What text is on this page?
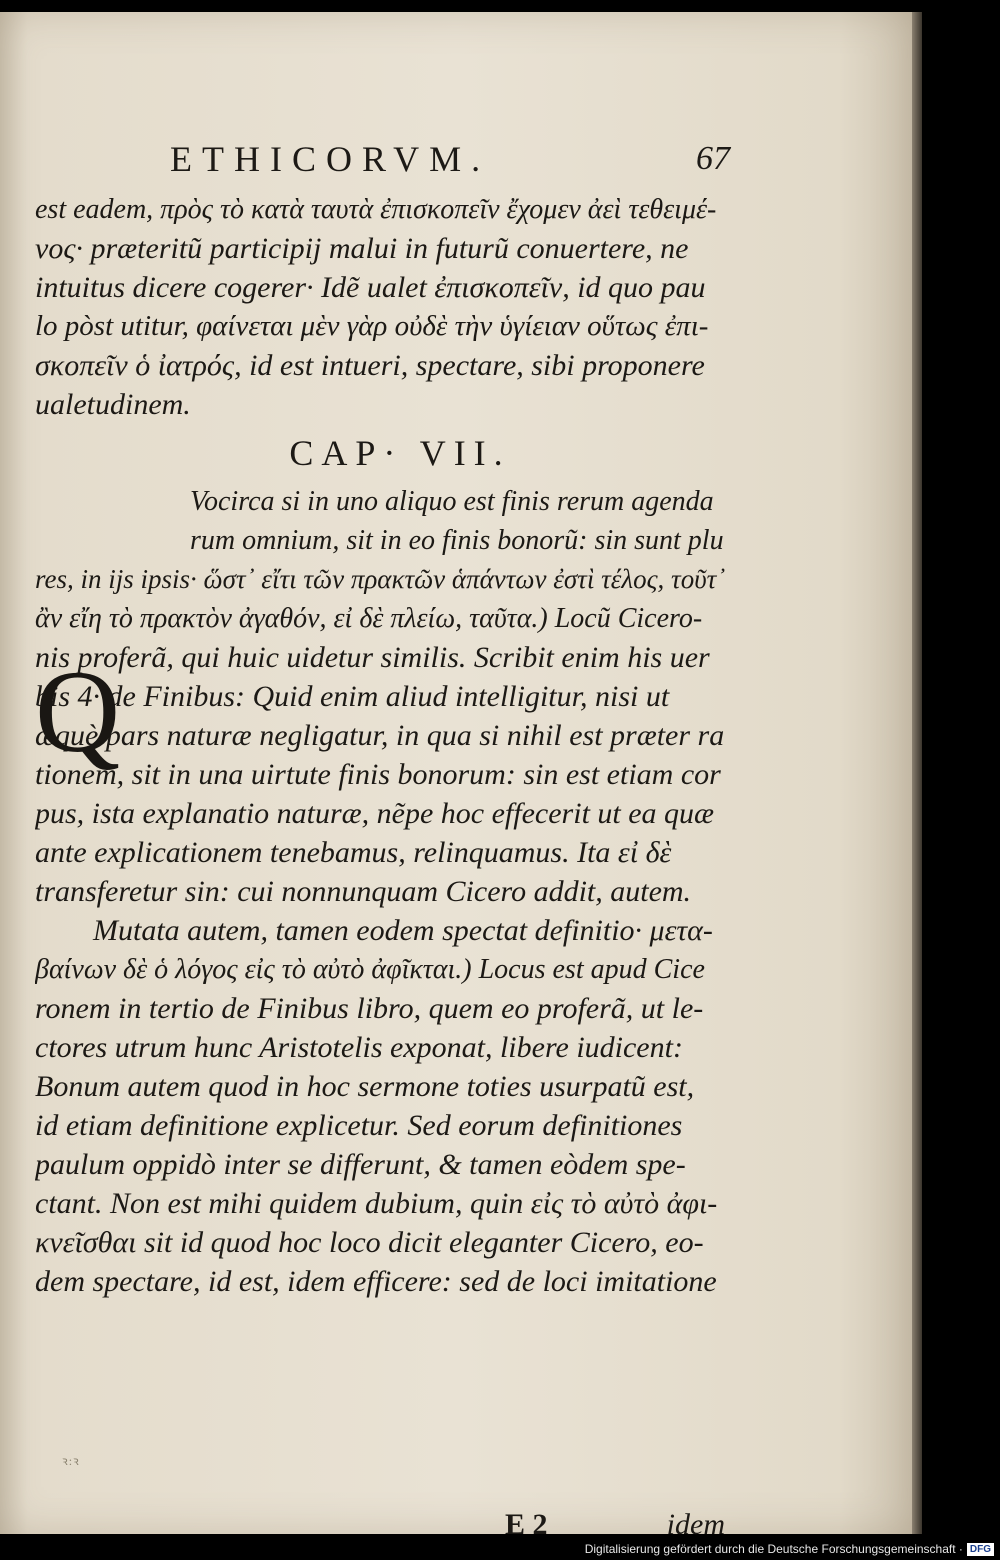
ETHICORVM.	67
est eadem, πρὸς τὸ κατὰ ταυτὰ ἐπισκοπεῖν ἔχομεν ἀεὶ τεθειμέ-
νος· præteritũ participij malui in futurũ conuertere, ne
intuitus dicere cogerer· Idẽ ualet ἐπισκοπεῖν, id quo pau
lo pòst utitur, φαίνεται μὲν γὰρ οὐδὲ τὴν ὑγίειαν οὕτως ἐπι-
σκοπεῖν ὁ ἰατρός, id est intueri, spectare, sibi proponere
ualetudinem.
CAP· VII.
Vocirca si in uno aliquo est finis rerum agenda
rum omnium, sit in eo finis bonorũ: sin sunt plu
res, in ijs ipsis· ὥστ᾽ εἴτι τῶν πρακτῶν ἁπάντων ἐστὶ τέλος, τοῦτ᾽
ἂν εἴη τὸ πρακτὸν ἀγαθόν, εἰ δὲ πλείω, ταῦτα.) Locũ Cicero-
nis proferã, qui huic uidetur similis. Scribit enim his uer
bis 4· de Finibus: Quid enim aliud intelligitur, nisi ut
æquè pars naturæ negligatur, in qua si nihil est præter ra
tionem, sit in una uirtute finis bonorum: sin est etiam cor
pus, ista explanatio naturæ, nẽpe hoc effecerit ut ea quæ
ante explicationem tenebamus, relinquamus. Ita εἰ δὲ
transferetur sin: cui nonnunquam Cicero addit, autem.
Mutata autem, tamen eodem spectat definitio· μετα-
βαίνων δὲ ὁ λόγος εἰς τὸ αὐτὸ ἀφῖκται.) Locus est apud Cice
ronem in tertio de Finibus libro, quem eo proferã, ut le-
ctores utrum hunc Aristotelis exponat, libere iudicent:
Bonum autem quod in hoc sermone toties usurpatũ est,
id etiam definitione explicetur. Sed eorum definitiones
paulum oppidò inter se differunt, & tamen eòdem spe-
ctant. Non est mihi quidem dubium, quin εἰς τὸ αὐτὸ ἀφι-
κνεῖσθαι sit id quod hoc loco dicit eleganter Cicero, eo-
dem spectare, id est, idem efficere: sed de loci imitatione
Q
E 2	idem
ꝛ:ꝛ
Digitalisierung gefördert durch die Deutsche Forschungsgemeinschaft · DFG
